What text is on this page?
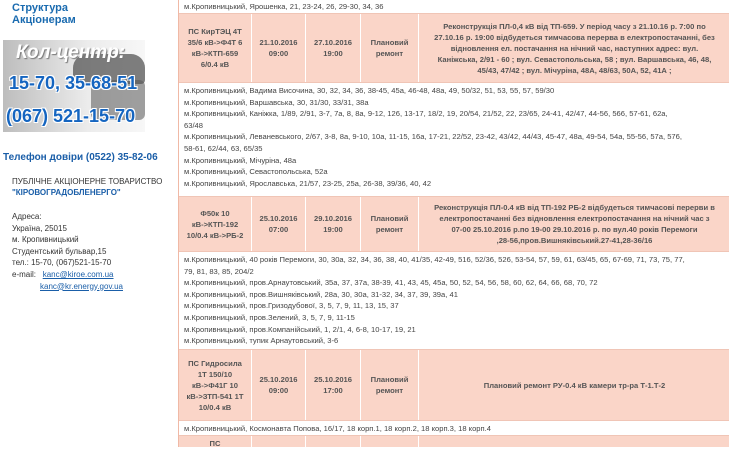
Структура
Акціонерам
Кол-центр:
15-70, 35-68-51
(067) 521-15-70
Телефон довіри (0522) 35-82-06
ПУБЛІЧНЕ АКЦІОНЕРНЕ ТОВАРИСТВО
"КІРОВОГРАДОБЛЕНЕРГО"
Адреса:
Україна, 25015
м. Кропивницький
Студентський бульвар,15
тел.: 15-70, (067)521-15-70
e-mail: kanc@kiroe.com.ua
kanc@kr.energy.gov.ua
м.Кропивницький, Ярошенка, 21, 23-24, 26, 29-30, 34, 36
ПС КирТЭЦ 4Т
35/6 кВ->Ф4Т 6
кВ->КТП-659
6/0.4 кВ
21.10.2016
09:00
27.10.2016
19:00
Плановий
ремонт
Реконструкція ПЛ-0,4 кВ від ТП-659. У період часу з 21.10.16 р. 7:00 по
27.10.16 р. 19:00 відбудеться тимчасова перерва в електропостачанні, без
відновлення ел. постачання на нічний час, наступних адрес: вул.
Каніжська, 2/91 - 60 ; вул. Севастопольська, 58 ; вул. Варшавська, 46, 48,
45/43, 47/42 ; вул. Мічуріна, 48А, 48/63, 50А, 52, 41А ;
м.Кропивницький, Вадима Височина, 30, 32, 34, 36, 38-45, 45а, 46-48, 48а, 49, 50/32, 51, 53, 55, 57, 59/30
м.Кропивницький, Варшавська, 30, 31/30, 33/31, 38а
м.Кропивницький, Каніжка, 1/89, 2/91, 3-7, 7а, 8, 8а, 9-12, 126, 13-17, 18/2, 19, 20/54, 21/52, 22, 23/65, 24-41, 42/47, 44-56, 566, 57-61, 62а,
63/48
м.Кропивницький, Леваневського, 2/67, 3-8, 8а, 9-10, 10а, 11-15, 16а, 17-21, 22/52, 23-42, 43/42, 44/43, 45-47, 48а, 49-54, 54а, 55-56, 57а, 576,
58-61, 62/44, 63, 65/35
м.Кропивницький, Мічуріна, 48а
м.Кропивницький, Севастопольська, 52а
м.Кропивницький, Ярославська, 21/57, 23-25, 25а, 26-38, 39/36, 40, 42
Ф50к 10
кВ->КТП-192
10/0.4 кВ->РБ-2
25.10.2016
07:00
29.10.2016
19:00
Плановий
ремонт
Реконструкція ПЛ-0.4 кВ від ТП-192 РБ-2 відбудеться тимчасові перерви в
електропостачанні без відновлення електропостачання на нічний час з
07-00 25.10.2016 р.по 19-00 29.10.2016 р. по вул.40 років Перемоги
,28-56,пров.Вишняківський.27-41,28-36/16
м.Кропивницький, 40 років Перемоги, 30, 30а, 32, 34, 36, 38, 40, 41/35, 42-49, 516, 52/36, 526, 53-54, 57, 59, 61, 63/45, 65, 67-69, 71, 73, 75, 77,
79, 81, 83, 85, 204/2
м.Кропивницький, пров.Арнаутовський, 35а, 37, 37а, 38-39, 41, 43, 45, 45а, 50, 52, 54, 56, 58, 60, 62, 64, 66, 68, 70, 72
м.Кропивницький, пров.Вишняківський, 28а, 30, 30а, 31-32, 34, 37, 39, 39а, 41
м.Кропивницький, пров.Гризодубової, 3, 5, 7, 9, 11, 13, 15, 37
м.Кропивницький, пров.Зелений, 3, 5, 7, 9, 11-15
м.Кропивницький, пров.Компанійський, 1, 2/1, 4, 6-8, 10-17, 19, 21
м.Кропивницький, тупик Арнаутовський, 3-6
ПС Гидросила
1Т 150/10
кВ->Ф41Г 10
кВ->ЗТП-541 1Т
10/0.4 кВ
25.10.2016
09:00
25.10.2016
17:00
Плановий
ремонт
Плановий ремонт РУ-0.4 кВ камери тр-ра Т-1.Т-2
м.Кропивницький, Космонавта Попова, 16/17, 18 корп.1, 18 корп.2, 18 корп.3, 18 корп.4
ПС
